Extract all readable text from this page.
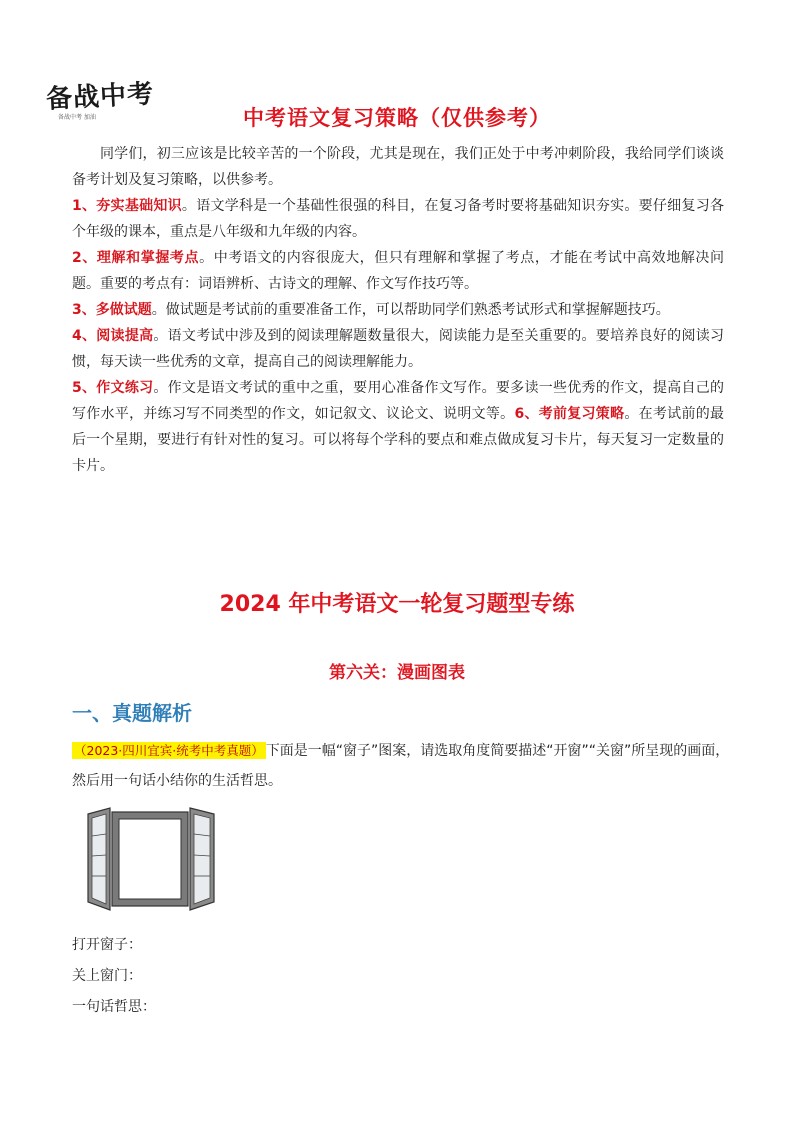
备战中考
备战中考 加油	中考语文复习策略（仅供参考）

同学们，初三应该是比较辛苦的一个阶段，尤其是现在，我们正处于中考冲刺阶段，我给同学们谈谈备考计划及复习策略，以供参考。

1、夯实基础知识。语文学科是一个基础性很强的科目，在复习备考时要将基础知识夯实。要仔细复习各个年级的课本，重点是八年级和九年级的内容。

2、理解和掌握考点。中考语文的内容很庞大，但只有理解和掌握了考点，才能在考试中高效地解决问题。重要的考点有：词语辨析、古诗文的理解、作文写作技巧等。

3、多做试题。做试题是考试前的重要准备工作，可以帮助同学们熟悉考试形式和掌握解题技巧。

4、阅读提高。语文考试中涉及到的阅读理解题数量很大，阅读能力是至关重要的。要培养良好的阅读习惯，每天读一些优秀的文章，提高自己的阅读理解能力。

5、作文练习。作文是语文考试的重中之重，要用心准备作文写作。要多读一些优秀的作文，提高自己的写作水平，并练习写不同类型的作文，如记叙文、议论文、说明文等。6、考前复习策略。在考试前的最后一个星期，要进行有针对性的复习。可以将每个学科的要点和难点做成复习卡片，每天复习一定数量的卡片。

2024 年中考语文一轮复习题型专练
第六关：漫画图表
一、真题解析
（2023·四川宜宾·统考中考真题） 下面是一幅“窗子”图案，请选取角度简要描述“开窗”“关窗”所呈现的画面，然后用一句话小结你的生活哲思。
打开窗子：
关上窗门：
一句话哲思：
